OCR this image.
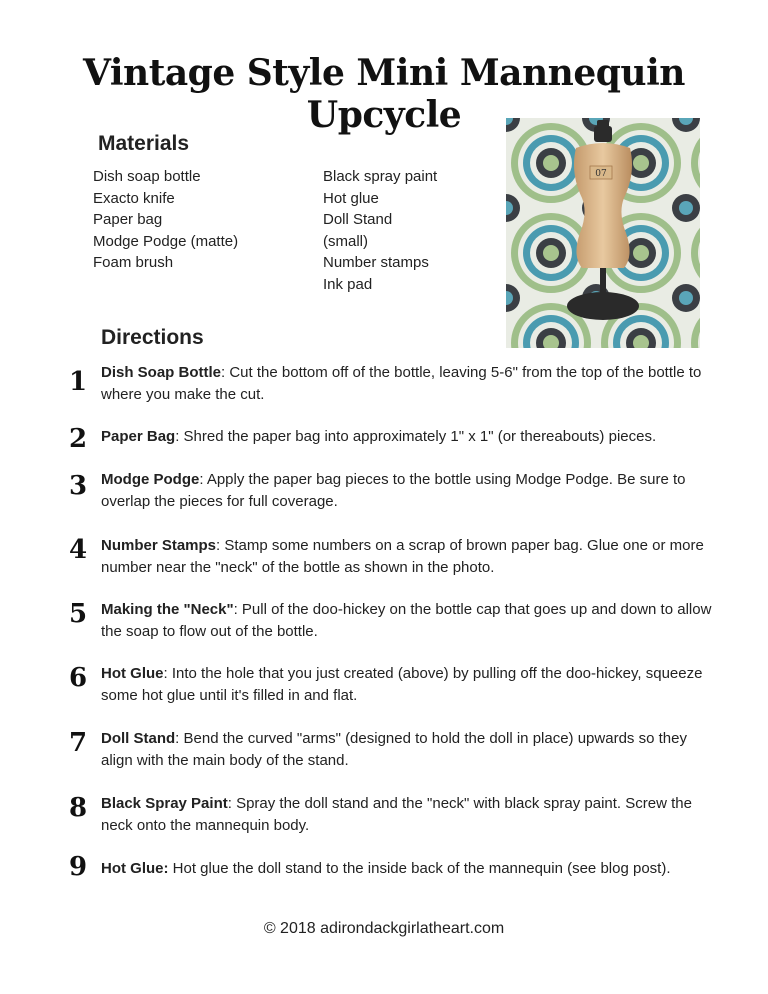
Vintage Style Mini Mannequin Upcycle
Materials
Dish soap bottle
Exacto knife
Paper bag
Modge Podge (matte)
Foam brush
Black spray paint
Hot glue
Doll Stand
(small)
Number stamps
Ink pad
07
Directions
1 Dish Soap Bottle: Cut the bottom off of the bottle, leaving 5-6" from the top of the bottle to where you make the cut.
2 Paper Bag: Shred the paper bag into approximately 1" x 1" (or thereabouts) pieces.
3 Modge Podge: Apply the paper bag pieces to the bottle using Modge Podge. Be sure to overlap the pieces for full coverage.
4 Number Stamps: Stamp some numbers on a scrap of brown paper bag. Glue one or more number near the "neck" of the bottle as shown in the photo.
5 Making the "Neck": Pull of the doo-hickey on the bottle cap that goes up and down to allow the soap to flow out of the bottle.
6 Hot Glue: Into the hole that you just created (above) by pulling off the doo-hickey, squeeze some hot glue until it's filled in and flat.
7 Doll Stand: Bend the curved "arms" (designed to hold the doll in place) upwards so they align with the main body of the stand.
8 Black Spray Paint: Spray the doll stand and the "neck" with black spray paint. Screw the neck onto the mannequin body.
9 Hot Glue: Hot glue the doll stand to the inside back of the mannequin (see blog post).
© 2018 adirondackgirlatheart.com
